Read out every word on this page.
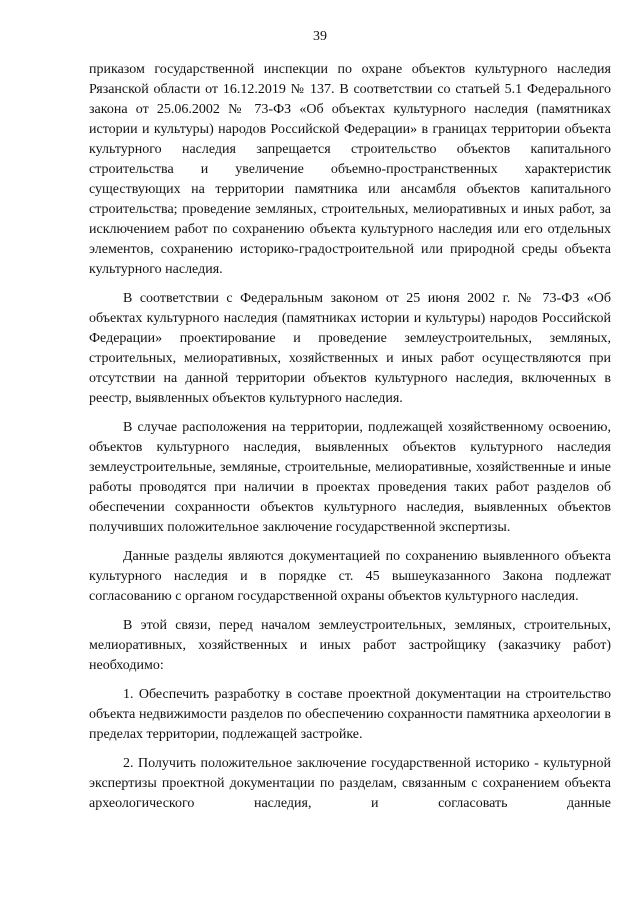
39

приказом государственной инспекции по охране объектов культурного наследия Рязанской области от 16.12.2019 № 137. В соответствии со статьей 5.1 Федерального закона от 25.06.2002 № 73-ФЗ «Об объектах культурного наследия (памятниках истории и культуры) народов Российской Федерации» в границах территории объекта культурного наследия запрещается строительство объектов капитального строительства и увеличение объемно-пространственных характеристик существующих на территории памятника или ансамбля объектов капитального строительства; проведение земляных, строительных, мелиоративных и иных работ, за исключением работ по сохранению объекта культурного наследия или его отдельных элементов, сохранению историко-градостроительной или природной среды объекта культурного наследия.

В соответствии с Федеральным законом от 25 июня 2002 г. № 73-ФЗ «Об объектах культурного наследия (памятниках истории и культуры) народов Российской Федерации» проектирование и проведение землеустроительных, земляных, строительных, мелиоративных, хозяйственных и иных работ осуществляются при отсутствии на данной территории объектов культурного наследия, включенных в реестр, выявленных объектов культурного наследия.

В случае расположения на территории, подлежащей хозяйственному освоению, объектов культурного наследия, выявленных объектов культурного наследия землеустроительные, земляные, строительные, мелиоративные, хозяйственные и иные работы проводятся при наличии в проектах проведения таких работ разделов об обеспечении сохранности объектов культурного наследия, выявленных объектов получивших положительное заключение государственной экспертизы.

Данные разделы являются документацией по сохранению выявленного объекта культурного наследия и в порядке ст. 45 вышеуказанного Закона подлежат согласованию с органом государственной охраны объектов культурного наследия.

В этой связи, перед началом землеустроительных, земляных, строительных, мелиоративных, хозяйственных и иных работ застройщику (заказчику работ) необходимо:

1. Обеспечить разработку в составе проектной документации на строительство объекта недвижимости разделов по обеспечению сохранности памятника археологии в пределах территории, подлежащей застройке.

2. Получить положительное заключение государственной историко - культурной экспертизы проектной документации по разделам, связанным с сохранением объекта археологического наследия, и согласовать данные
